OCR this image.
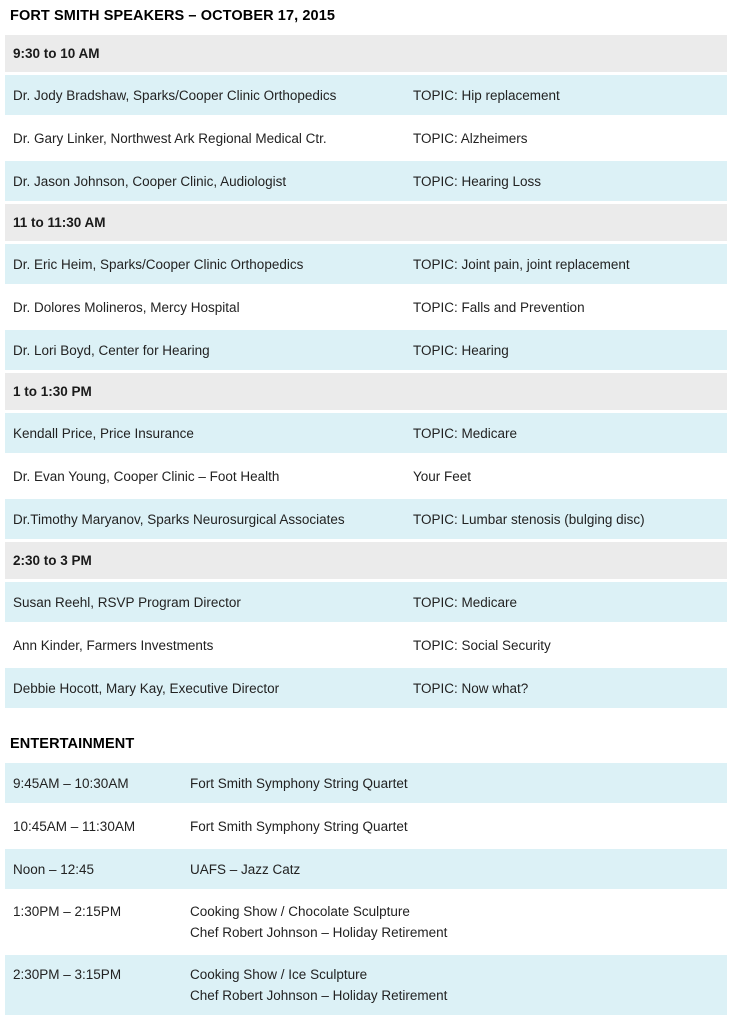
FORT SMITH SPEAKERS – OCTOBER 17, 2015
9:30 to 10 AM
Dr. Jody Bradshaw, Sparks/Cooper Clinic Orthopedics	TOPIC: Hip replacement
Dr. Gary Linker, Northwest Ark Regional Medical Ctr.	TOPIC: Alzheimers
Dr. Jason Johnson, Cooper Clinic, Audiologist	TOPIC: Hearing Loss
11 to 11:30 AM
Dr. Eric Heim, Sparks/Cooper Clinic Orthopedics	TOPIC: Joint pain, joint replacement
Dr. Dolores Molineros, Mercy Hospital	TOPIC: Falls and Prevention
Dr. Lori Boyd, Center for Hearing	TOPIC: Hearing
1 to 1:30 PM
Kendall Price, Price Insurance	TOPIC: Medicare
Dr. Evan Young, Cooper Clinic – Foot Health	Your Feet
Dr.Timothy Maryanov, Sparks Neurosurgical Associates	TOPIC: Lumbar stenosis (bulging disc)
2:30 to 3 PM
Susan Reehl, RSVP Program Director	TOPIC: Medicare
Ann Kinder, Farmers Investments	TOPIC: Social Security
Debbie Hocott, Mary Kay, Executive Director	TOPIC: Now what?
ENTERTAINMENT
9:45AM – 10:30AM	Fort Smith Symphony String Quartet
10:45AM – 11:30AM	Fort Smith Symphony String Quartet
Noon – 12:45	UAFS – Jazz Catz
1:30PM – 2:15PM	Cooking Show / Chocolate Sculpture
Chef Robert Johnson – Holiday Retirement
2:30PM – 3:15PM	Cooking Show / Ice Sculpture
Chef Robert Johnson – Holiday Retirement
